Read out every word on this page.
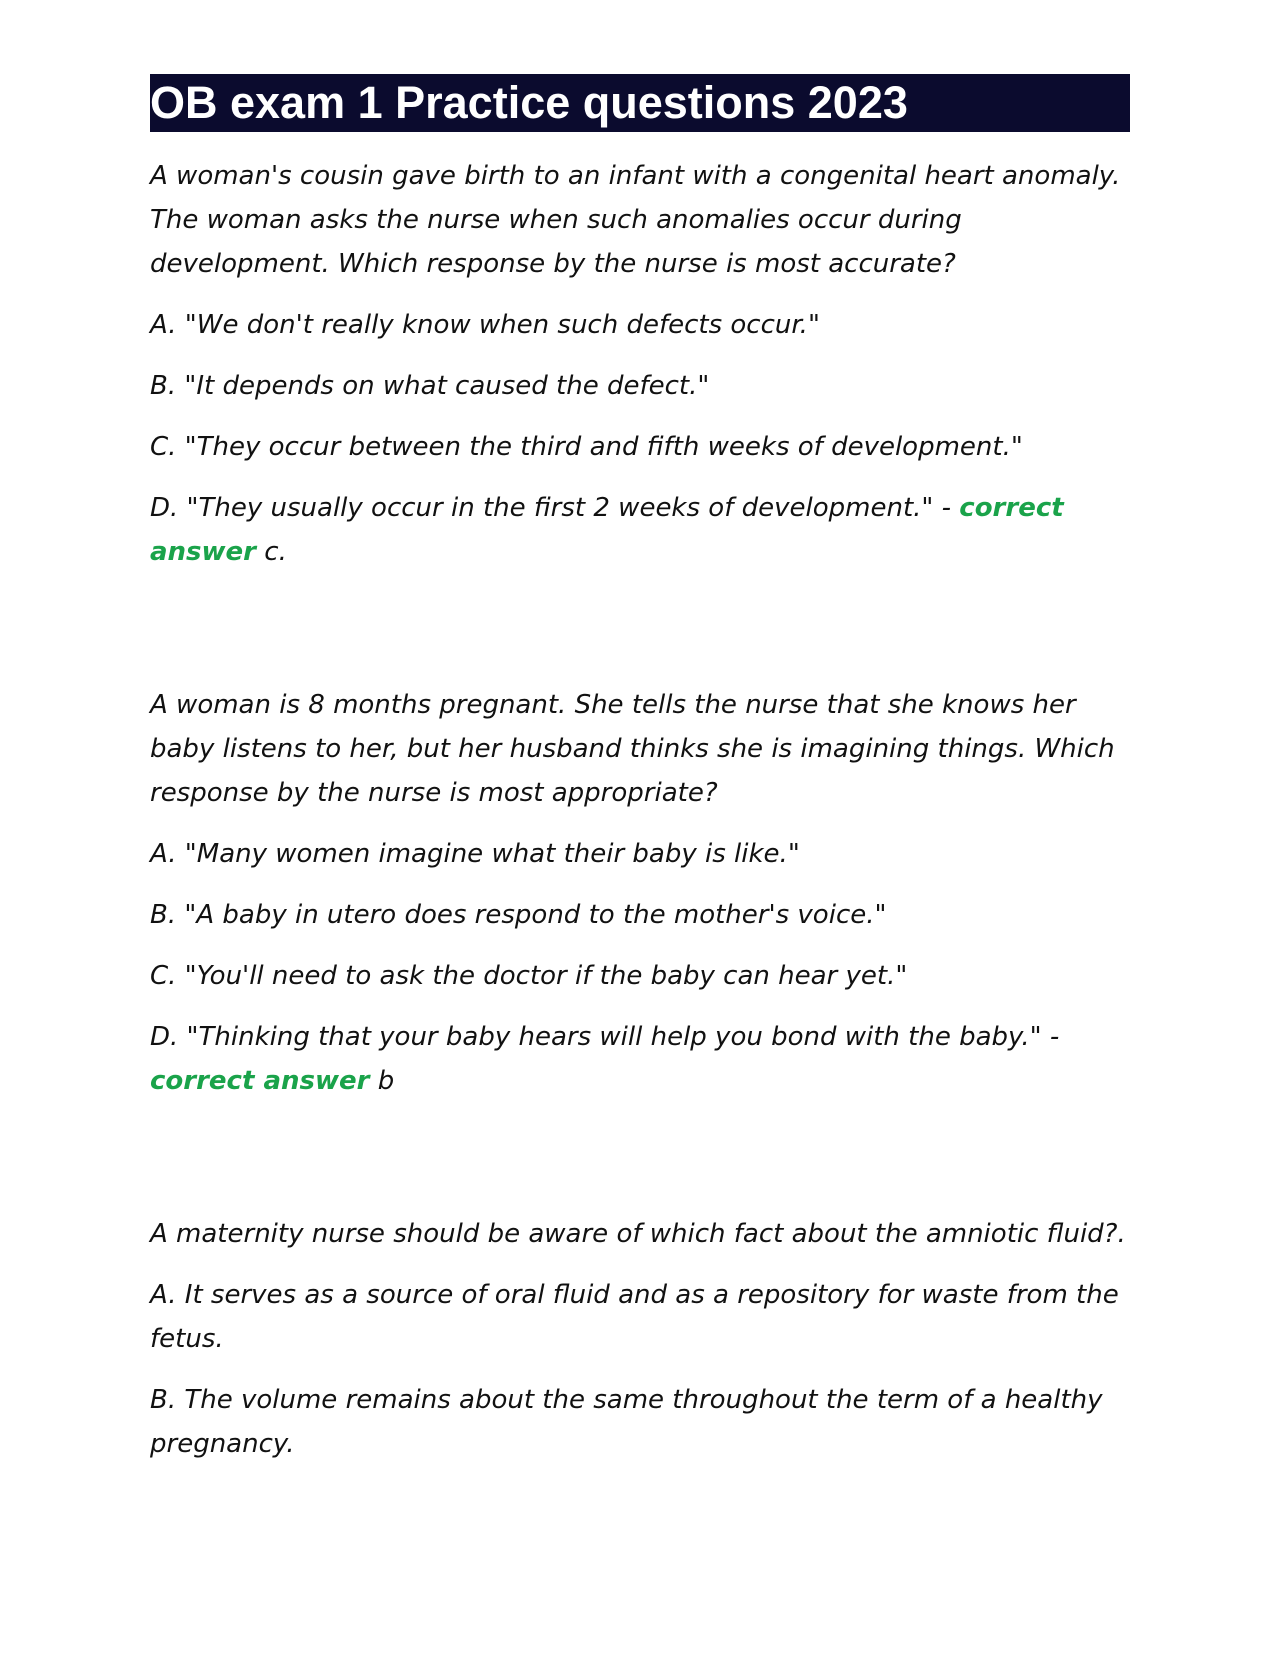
OB exam 1 Practice questions 2023

A woman's cousin gave birth to an infant with a congenital heart anomaly. The woman asks the nurse when such anomalies occur during development. Which response by the nurse is most accurate?

A. "We don't really know when such defects occur."

B. "It depends on what caused the defect."

C. "They occur between the third and fifth weeks of development."

D. "They usually occur in the first 2 weeks of development." - correct answer c.

A woman is 8 months pregnant. She tells the nurse that she knows her baby listens to her, but her husband thinks she is imagining things. Which response by the nurse is most appropriate?

A. "Many women imagine what their baby is like."

B. "A baby in utero does respond to the mother's voice."

C. "You'll need to ask the doctor if the baby can hear yet."

D. "Thinking that your baby hears will help you bond with the baby." - correct answer b

A maternity nurse should be aware of which fact about the amniotic fluid?.

A. It serves as a source of oral fluid and as a repository for waste from the fetus.

B. The volume remains about the same throughout the term of a healthy pregnancy.
